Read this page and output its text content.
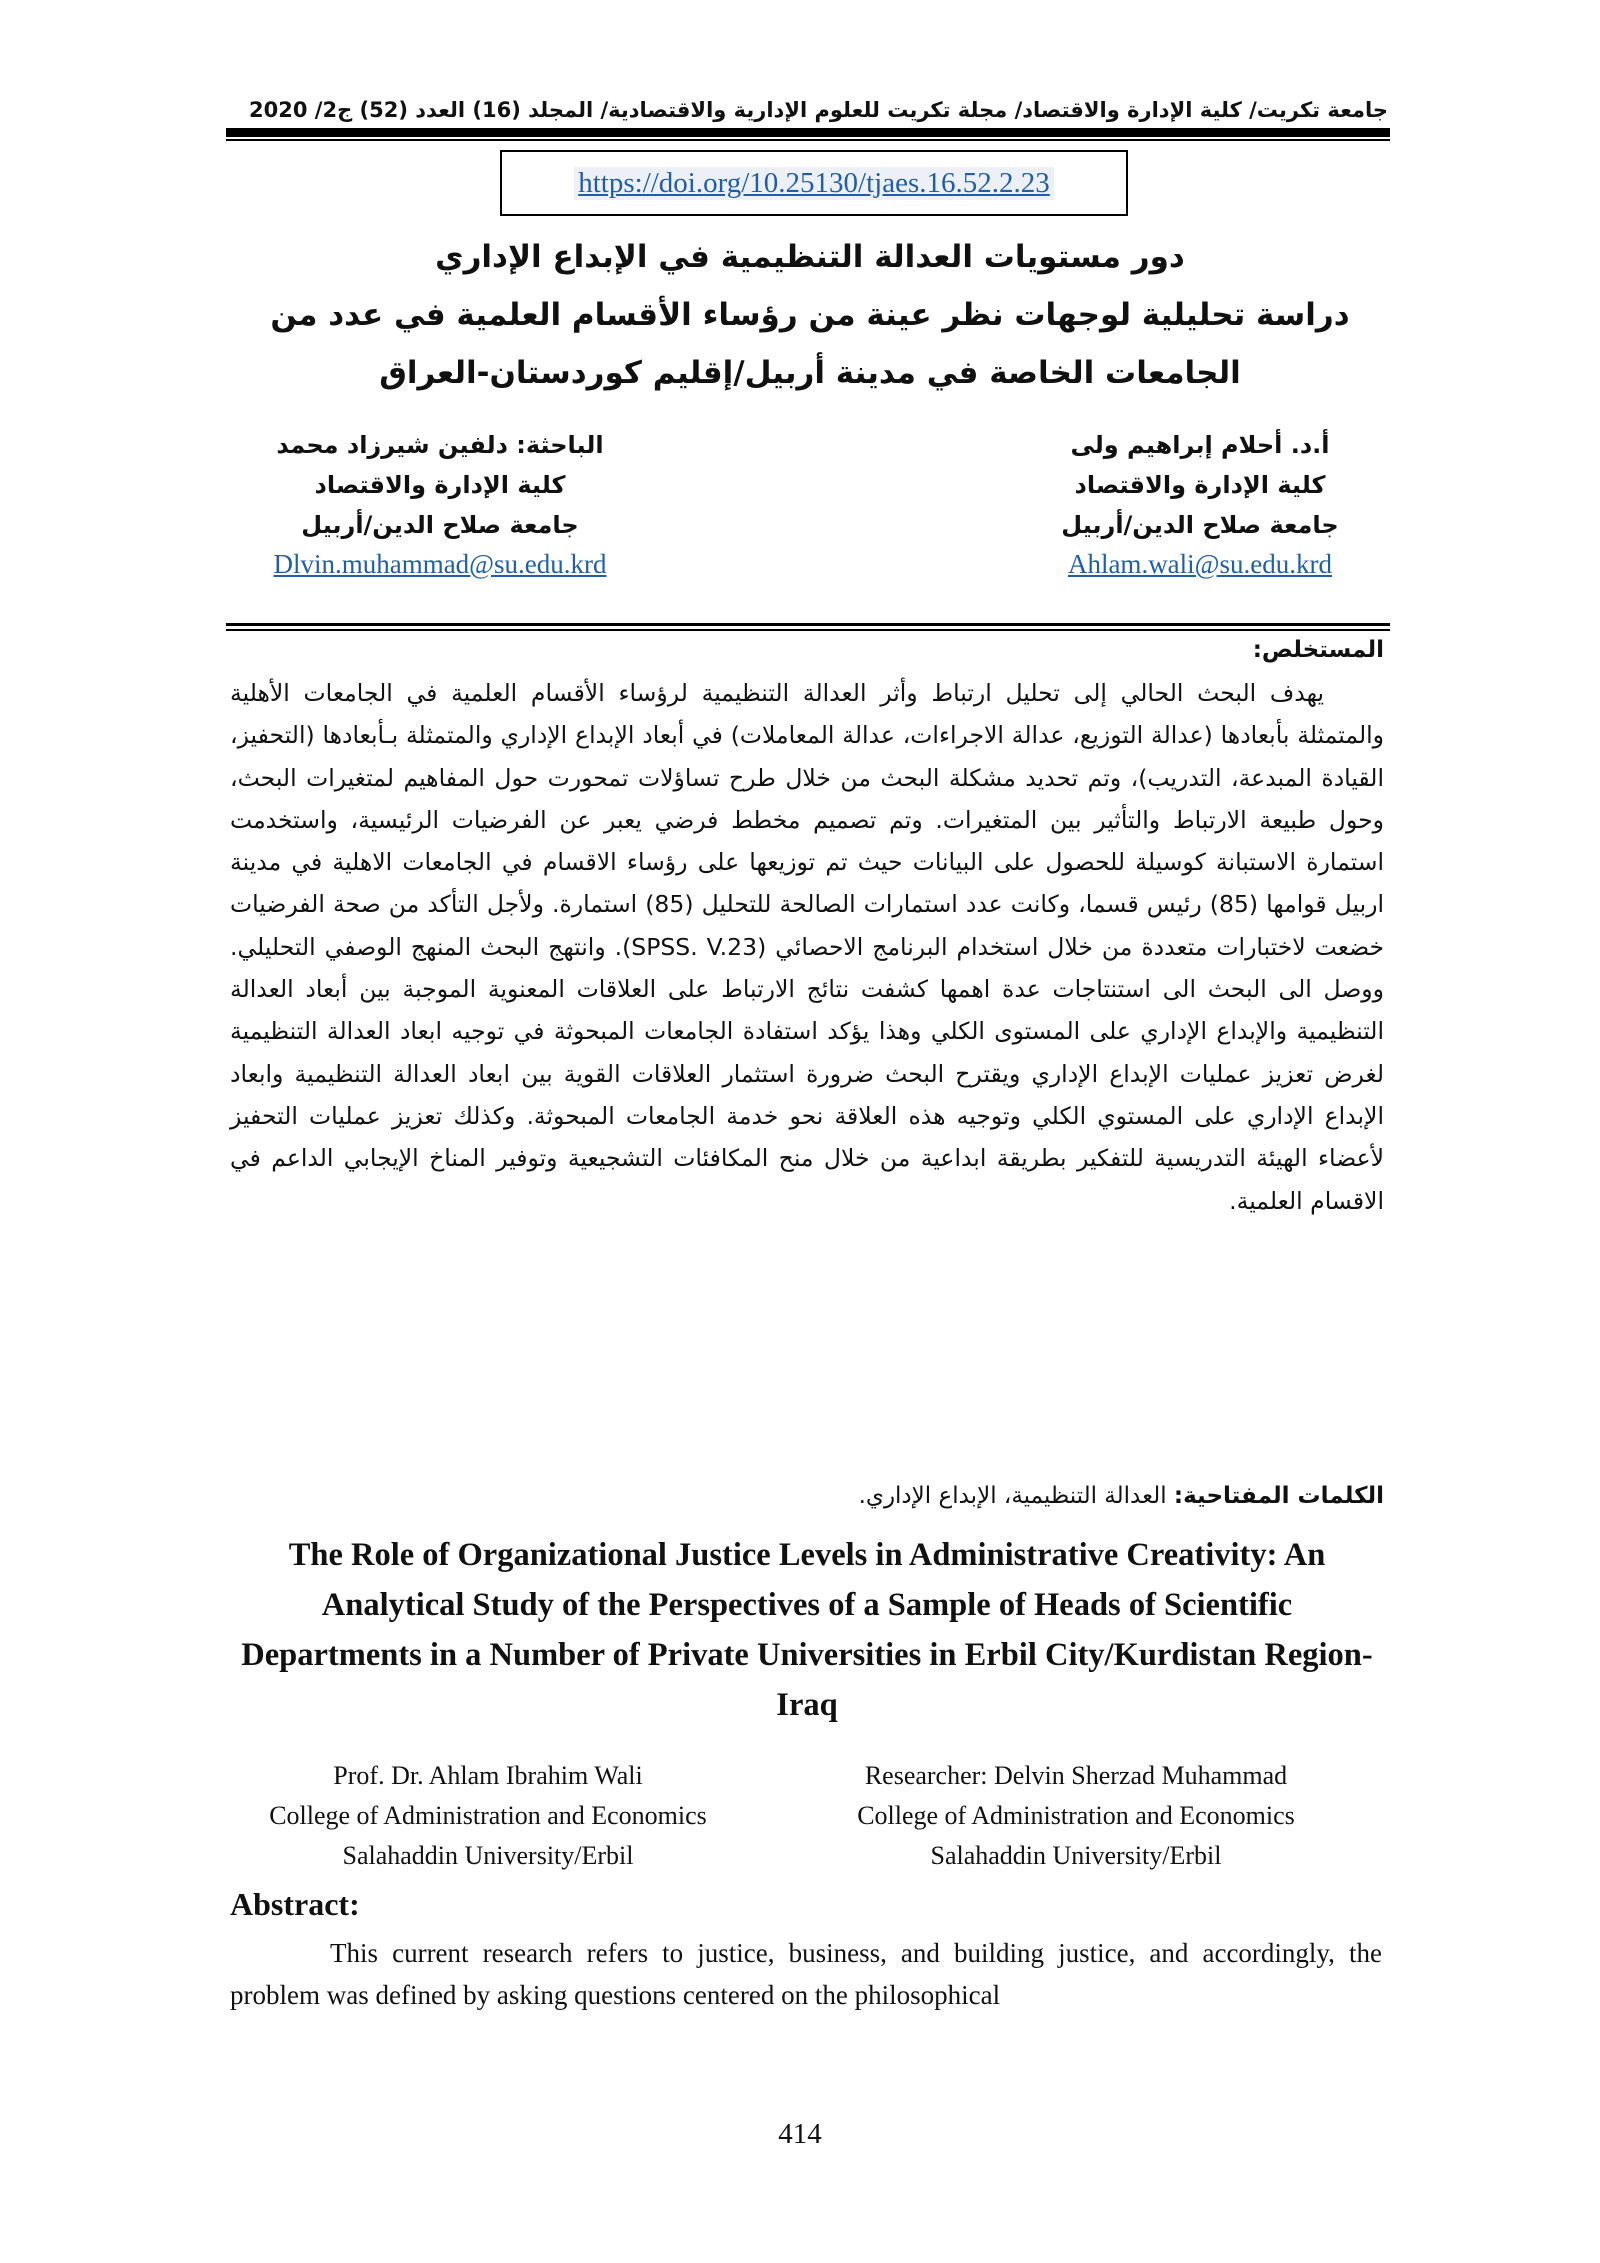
جامعة تكريت/ كلية الإدارة والاقتصاد/ مجلة تكريت للعلوم الإدارية والاقتصادية/ المجلد (16) العدد (52) ج2/ 2020
https://doi.org/10.25130/tjaes.16.52.2.23
دور مستويات العدالة التنظيمية في الإبداع الإداري
دراسة تحليلية لوجهات نظر عينة من رؤساء الأقسام العلمية في عدد من
الجامعات الخاصة في مدينة أربيل/إقليم كوردستان-العراق
أ.د. أحلام إبراهيم ولى
كلية الإدارة والاقتصاد
جامعة صلاح الدين/أربيل
Ahlam.wali@su.edu.krd
الباحثة: دلفين شيرزاد محمد
كلية الإدارة والاقتصاد
جامعة صلاح الدين/أربيل
Dlvin.muhammad@su.edu.krd
المستخلص:
يهدف البحث الحالي إلى تحليل ارتباط وأثر العدالة التنظيمية لرؤساء الأقسام العلمية في الجامعات الأهلية والمتمثلة بأبعادها (عدالة التوزيع، عدالة الاجراءات، عدالة المعاملات) في أبعاد الإبداع الإداري والمتمثلة بـأبعادها (التحفيز، القيادة المبدعة، التدريب)، وتم تحديد مشكلة البحث من خلال طرح تساؤلات تمحورت حول المفاهيم لمتغيرات البحث، وحول طبيعة الارتباط والتأثير بين المتغيرات. وتم تصميم مخطط فرضي يعبر عن الفرضيات الرئيسية، واستخدمت استمارة الاستبانة كوسيلة للحصول على البيانات حيث تم توزيعها على رؤساء الاقسام في الجامعات الاهلية في مدينة اربيل قوامها (85) رئيس قسما، وكانت عدد استمارات الصالحة للتحليل (85) استمارة. ولأجل التأكد من صحة الفرضيات خضعت لاختبارات متعددة من خلال استخدام البرنامج الاحصائي (SPSS. V.23). وانتهج البحث المنهج الوصفي التحليلي. ووصل الى البحث الى استنتاجات عدة اهمها كشفت نتائج الارتباط على العلاقات المعنوية الموجبة بين أبعاد العدالة التنظيمية والإبداع الإداري على المستوى الكلي وهذا يؤكد استفادة الجامعات المبحوثة في توجيه ابعاد العدالة التنظيمية لغرض تعزيز عمليات الإبداع الإداري ويقترح البحث ضرورة استثمار العلاقات القوية بين ابعاد العدالة التنظيمية وابعاد الإبداع الإداري على المستوي الكلي وتوجيه هذه العلاقة نحو خدمة الجامعات المبحوثة. وكذلك تعزيز عمليات التحفيز لأعضاء الهيئة التدريسية للتفكير بطريقة ابداعية من خلال منح المكافئات التشجيعية وتوفير المناخ الإيجابي الداعم في الاقسام العلمية.
الكلمات المفتاحية: العدالة التنظيمية، الإبداع الإداري.
The Role of Organizational Justice Levels in Administrative Creativity: An Analytical Study of the Perspectives of a Sample of Heads of Scientific Departments in a Number of Private Universities in Erbil City/Kurdistan Region-Iraq
Prof. Dr. Ahlam Ibrahim Wali
College of Administration and Economics
Salahaddin University/Erbil
Researcher: Delvin Sherzad Muhammad
College of Administration and Economics
Salahaddin University/Erbil
Abstract:
This current research refers to justice, business, and building justice, and accordingly, the problem was defined by asking questions centered on the philosophical
414
